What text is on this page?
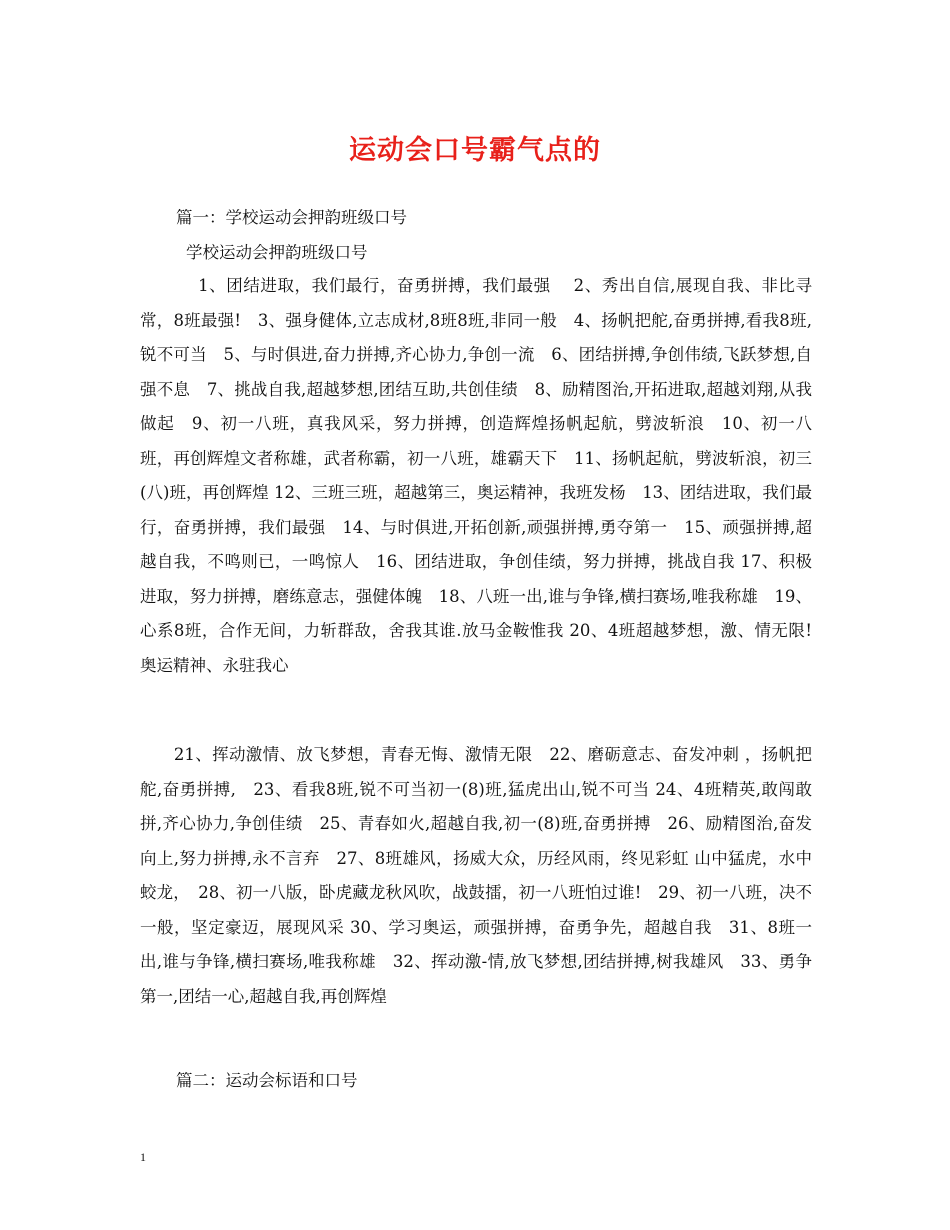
运动会口号霸气点的
篇一：学校运动会押韵班级口号
学校运动会押韵班级口号

　1、团结进取，我们最行，奋勇拼搏，我们最强　 2、秀出自信,展现自我、非比寻常，8班最强!　3、强身健体,立志成材,8班8班,非同一般　4、扬帆把舵,奋勇拼搏,看我8班,锐不可当　5、与时俱进,奋力拼搏,齐心协力,争创一流　6、团结拼搏,争创伟绩,飞跃梦想,自强不息　7、挑战自我,超越梦想,团结互助,共创佳绩　8、励精图治,开拓进取,超越刘翔,从我做起　9、初一八班，真我风采，努力拼搏，创造辉煌扬帆起航，劈波斩浪　10、初一八班，再创辉煌文者称雄，武者称霸，初一八班，雄霸天下　11、扬帆起航，劈波斩浪，初三(八)班，再创辉煌 12、三班三班，超越第三，奥运精神，我班发杨　13、团结进取，我们最行，奋勇拼搏，我们最强　14、与时俱进,开拓创新,顽强拼搏,勇夺第一　15、顽强拼搏,超越自我，不鸣则已，一鸣惊人　16、团结进取，争创佳绩，努力拼搏，挑战自我 17、积极进取，努力拼搏，磨练意志，强健体魄　18、八班一出,谁与争锋,横扫赛场,唯我称雄　19、心系8班，合作无间，力斩群敌，舍我其谁.放马金鞍惟我 20、4班超越梦想，激、情无限! 奥运精神、永驻我心

　21、挥动激情、放飞梦想，青春无悔、激情无限　22、磨砺意志、奋发冲刺 ，扬帆把舵,奋勇拼搏,　23、看我8班,锐不可当初一(8)班,猛虎出山,锐不可当 24、4班精英,敢闯敢拼,齐心协力,争创佳绩　25、青春如火,超越自我,初一(8)班,奋勇拼搏　26、励精图治,奋发向上,努力拼搏,永不言弃　27、8班雄风，扬威大众，历经风雨，终见彩虹 山中猛虎，水中蛟龙，　28、初一八版，卧虎藏龙秋风吹，战鼓擂，初一八班怕过谁!　29、初一八班，决不一般，坚定豪迈，展现风采 30、学习奥运，顽强拼搏，奋勇争先，超越自我　31、8班一出,谁与争锋,横扫赛场,唯我称雄　32、挥动激-情,放飞梦想,团结拼搏,树我雄风　33、勇争第一,团结一心,超越自我,再创辉煌

篇二：运动会标语和口号
1
